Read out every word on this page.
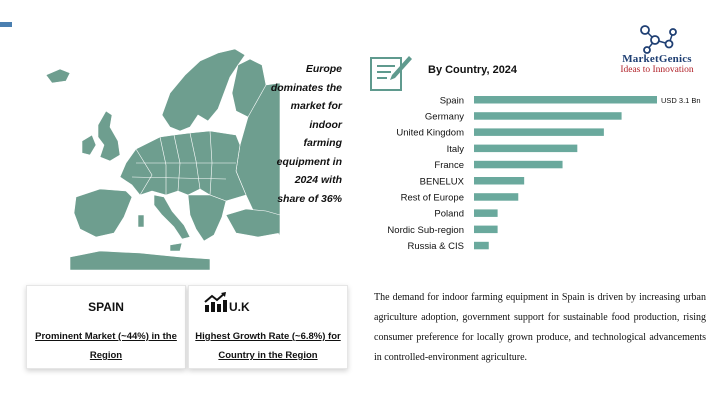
Europe dominates the market for indoor farming equipment in 2024 with share of 36%
SPAIN
Prominent Market (~44%) in the Region
U.K
Highest Growth Rate (~6.8%) for Country in the Region
By Country, 2024
MarketGenics
Ideas to Innovation
Spain	USD 3.1 Bn
Germany
United Kingdom
Italy
France
BENELUX
Rest of Europe
Poland
Nordic Sub-region
Russia & CIS
The demand for indoor farming equipment in Spain is driven by increasing urban agriculture adoption, government support for sustainable food production, rising consumer preference for locally grown produce, and technological advancements in controlled-environment agriculture.
